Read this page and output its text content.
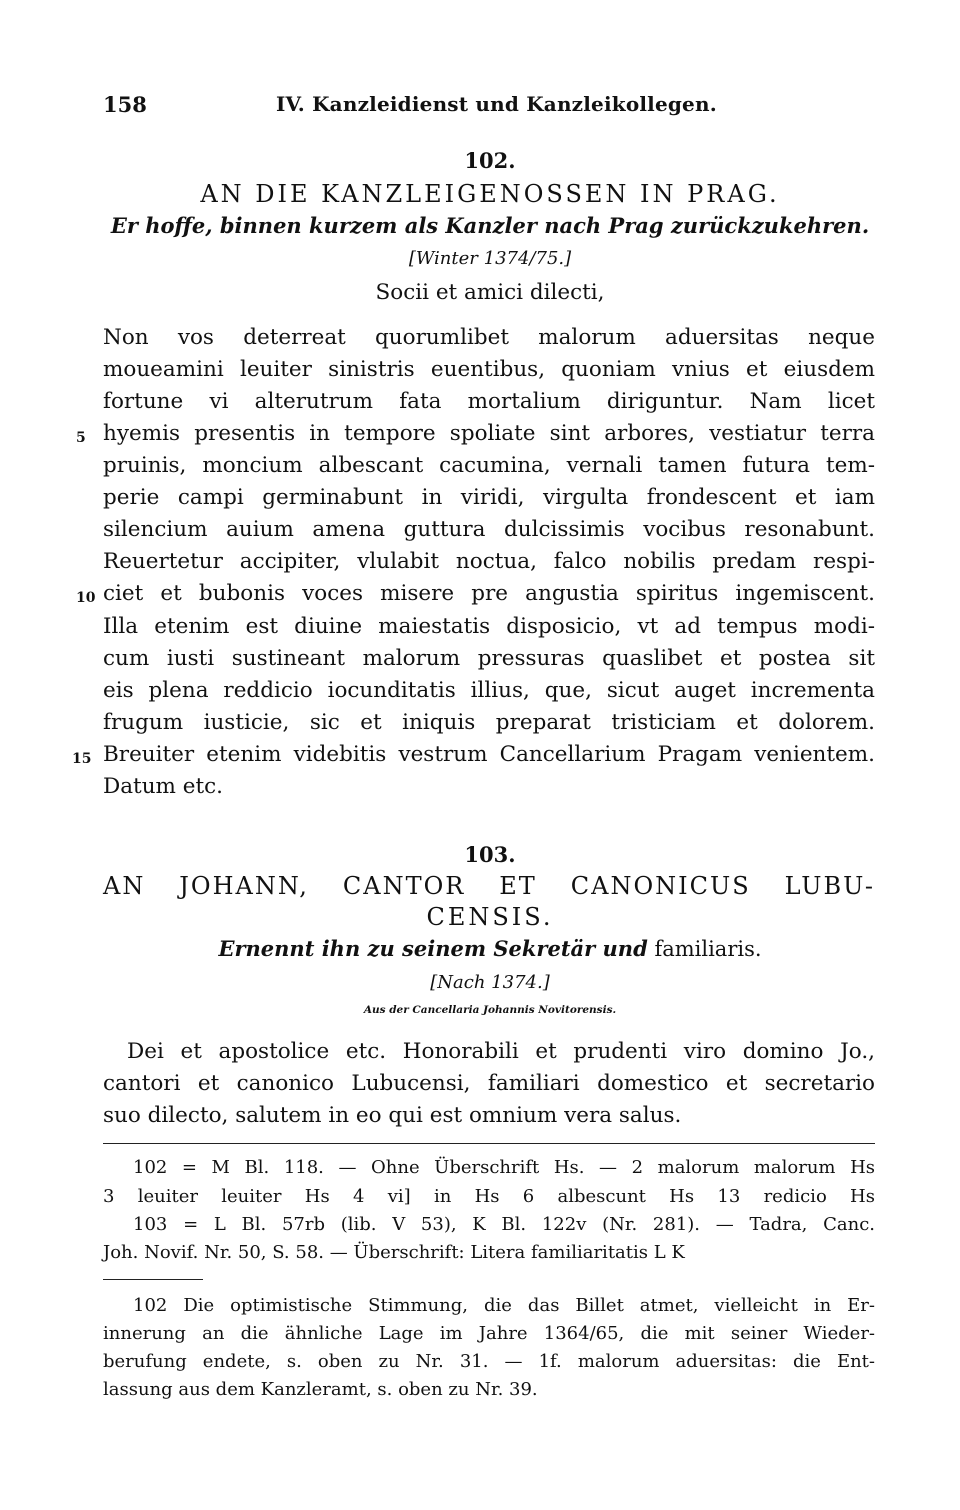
158	IV. Kanzleidienst und Kanzleikollegen.
102.
AN DIE KANZLEIGENOSSEN IN PRAG.
Er hoffe, binnen kurzem als Kanzler nach Prag zurückzukehren.
[Winter 1374/75.]
Socii et amici dilecti,
Non vos deterreat quorumlibet malorum aduersitas neque
moueamini leuiter sinistris euentibus, quoniam vnius et eiusdem
fortune vi alterutrum fata mortalium diriguntur. Nam licet
hyemis presentis in tempore spoliate sint arbores, vestiatur terra
pruinis, moncium albescant cacumina, vernali tamen futura tem-
perie campi germinabunt in viridi, virgulta frondescent et iam
silencium auium amena guttura dulcissimis vocibus resonabunt.
Reuertetur accipiter, vlulabit noctua, falco nobilis predam respi-
ciet et bubonis voces misere pre angustia spiritus ingemiscent.
Illa etenim est diuine maiestatis disposicio, vt ad tempus modi-
cum iusti sustineant malorum pressuras quaslibet et postea sit
eis plena reddicio iocunditatis illius, que, sicut auget incrementa
frugum iusticie, sic et iniquis preparat tristiciam et dolorem.
Breuiter etenim videbitis vestrum Cancellarium Pragam venientem.
Datum etc.
5
10
15
103.
AN JOHANN, CANTOR ET CANONICUS LUBU-
CENSIS.
Ernennt ihn zu seinem Sekretär und familiaris.
[Nach 1374.]
Aus der Cancellaria Johannis Novitorensis.
Dei et apostolice etc. Honorabili et prudenti viro domino Jo.,
cantori et canonico Lubucensi, familiari domestico et secretario
suo dilecto, salutem in eo qui est omnium vera salus.
102 = M Bl. 118. — Ohne Überschrift Hs. — 2 malorum malorum Hs
3 leuiter leuiter Hs 4 vi] in Hs 6 albescunt Hs 13 redicio Hs
103 = L Bl. 57rb (lib. V 53), K Bl. 122v (Nr. 281). — Tadra, Canc.
Joh. Novif. Nr. 50, S. 58. — Überschrift: Litera familiaritatis L K
102 Die optimistische Stimmung, die das Billet atmet, vielleicht in Er-
innerung an die ähnliche Lage im Jahre 1364/65, die mit seiner Wieder-
berufung endete, s. oben zu Nr. 31. — 1f. malorum aduersitas: die Ent-
lassung aus dem Kanzleramt, s. oben zu Nr. 39.
